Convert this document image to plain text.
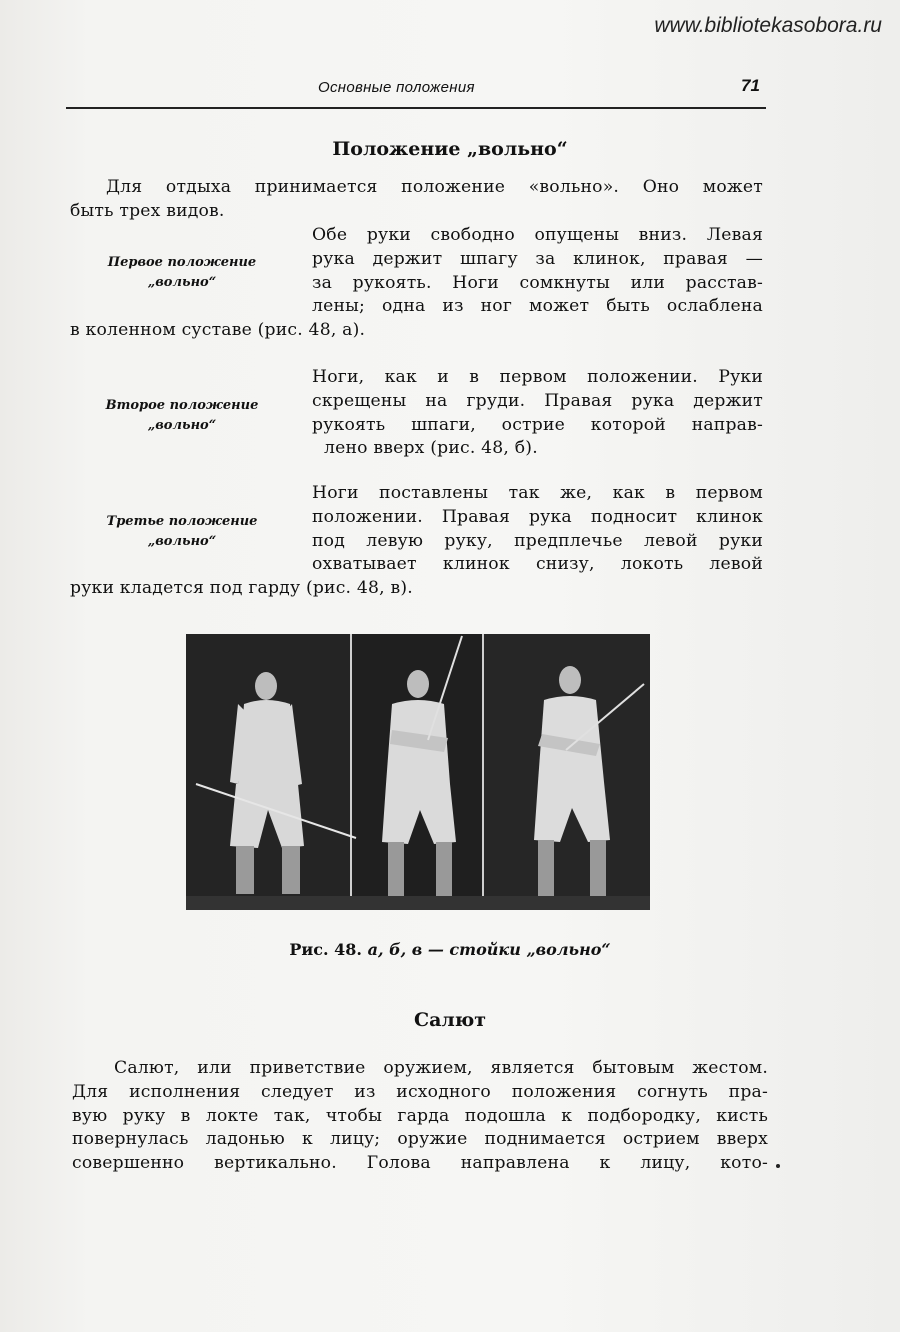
www.bibliotekasobora.ru
Основные положения	71
Положение „вольно“
Для отдыха принимается положение «вольно». Оно может
быть трех видов.
Первое положение
„вольно“
Обе руки свободно опущены вниз. Левая
рука держит шпагу за клинок, правая —
за рукоять. Ноги сомкнуты или расстав-
лены; одна из ног может быть ослаблена
в коленном суставе (рис. 48, а).
Второе положение
„вольно“
Ноги, как и в первом положении. Руки
скрещены на груди. Правая рука держит
рукоять шпаги, острие которой направ-
лено вверх (рис. 48, б).
Третье положение
„вольно“
Ноги поставлены так же, как в первом
положении. Правая рука подносит клинок
под левую руку, предплечье левой руки
охватывает клинок снизу, локоть левой
руки кладется под гарду (рис. 48, в).
Рис. 48. а, б, в — стойки „вольно“
Салют
Салют, или приветствие оружием, является бытовым жестом.
Для исполнения следует из исходного положения согнуть пра-
вую руку в локте так, чтобы гарда подошла к подбородку, кисть
повернулась ладонью к лицу; оружие поднимается острием вверх
совершенно вертикально. Голова направлена к лицу, кото-
